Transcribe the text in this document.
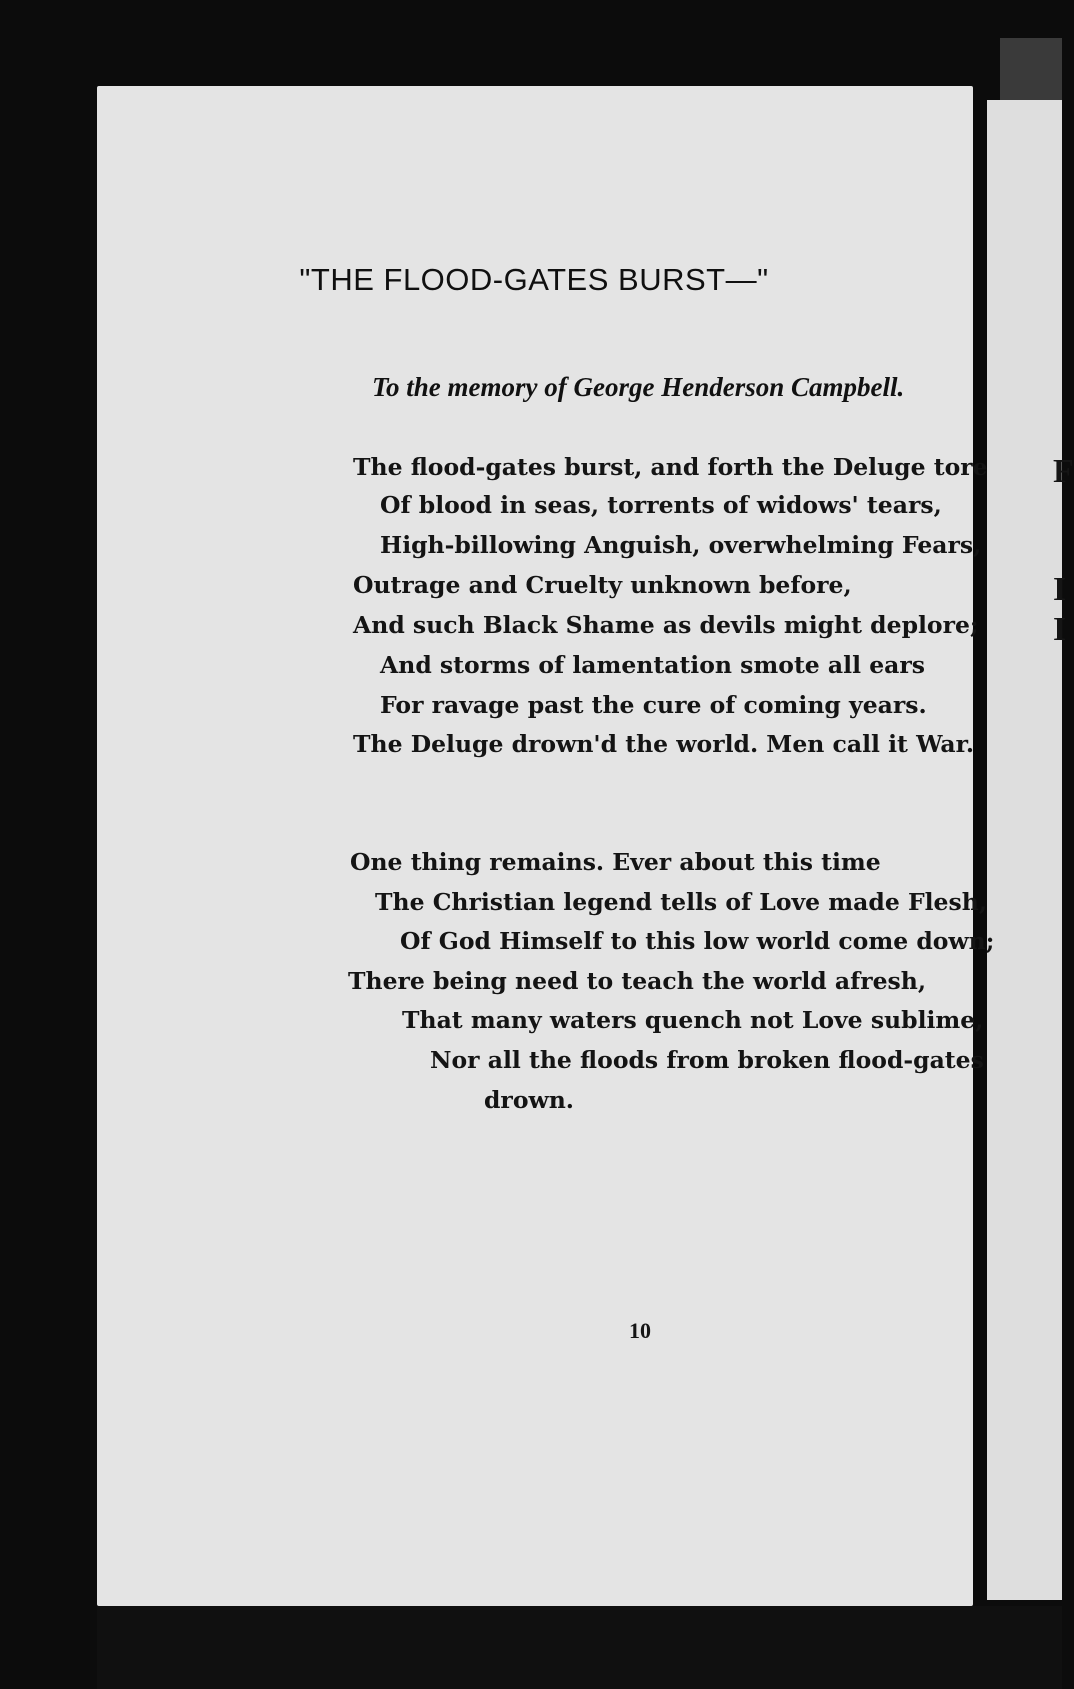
F
I
I
"THE FLOOD-GATES BURST—"

To the memory of George Henderson Campbell.

The flood-gates burst, and forth the Deluge tore
Of blood in seas, torrents of widows' tears,
High-billowing Anguish, overwhelming Fears,
Outrage and Cruelty unknown before,
And such Black Shame as devils might deplore;
And storms of lamentation smote all ears
For ravage past the cure of coming years.
The Deluge drown'd the world. Men call it War.
One thing remains. Ever about this time
The Christian legend tells of Love made Flesh,
Of God Himself to this low world come down;
There being need to teach the world afresh,
That many waters quench not Love sublime,
Nor all the floods from broken flood-gates
drown.
10
